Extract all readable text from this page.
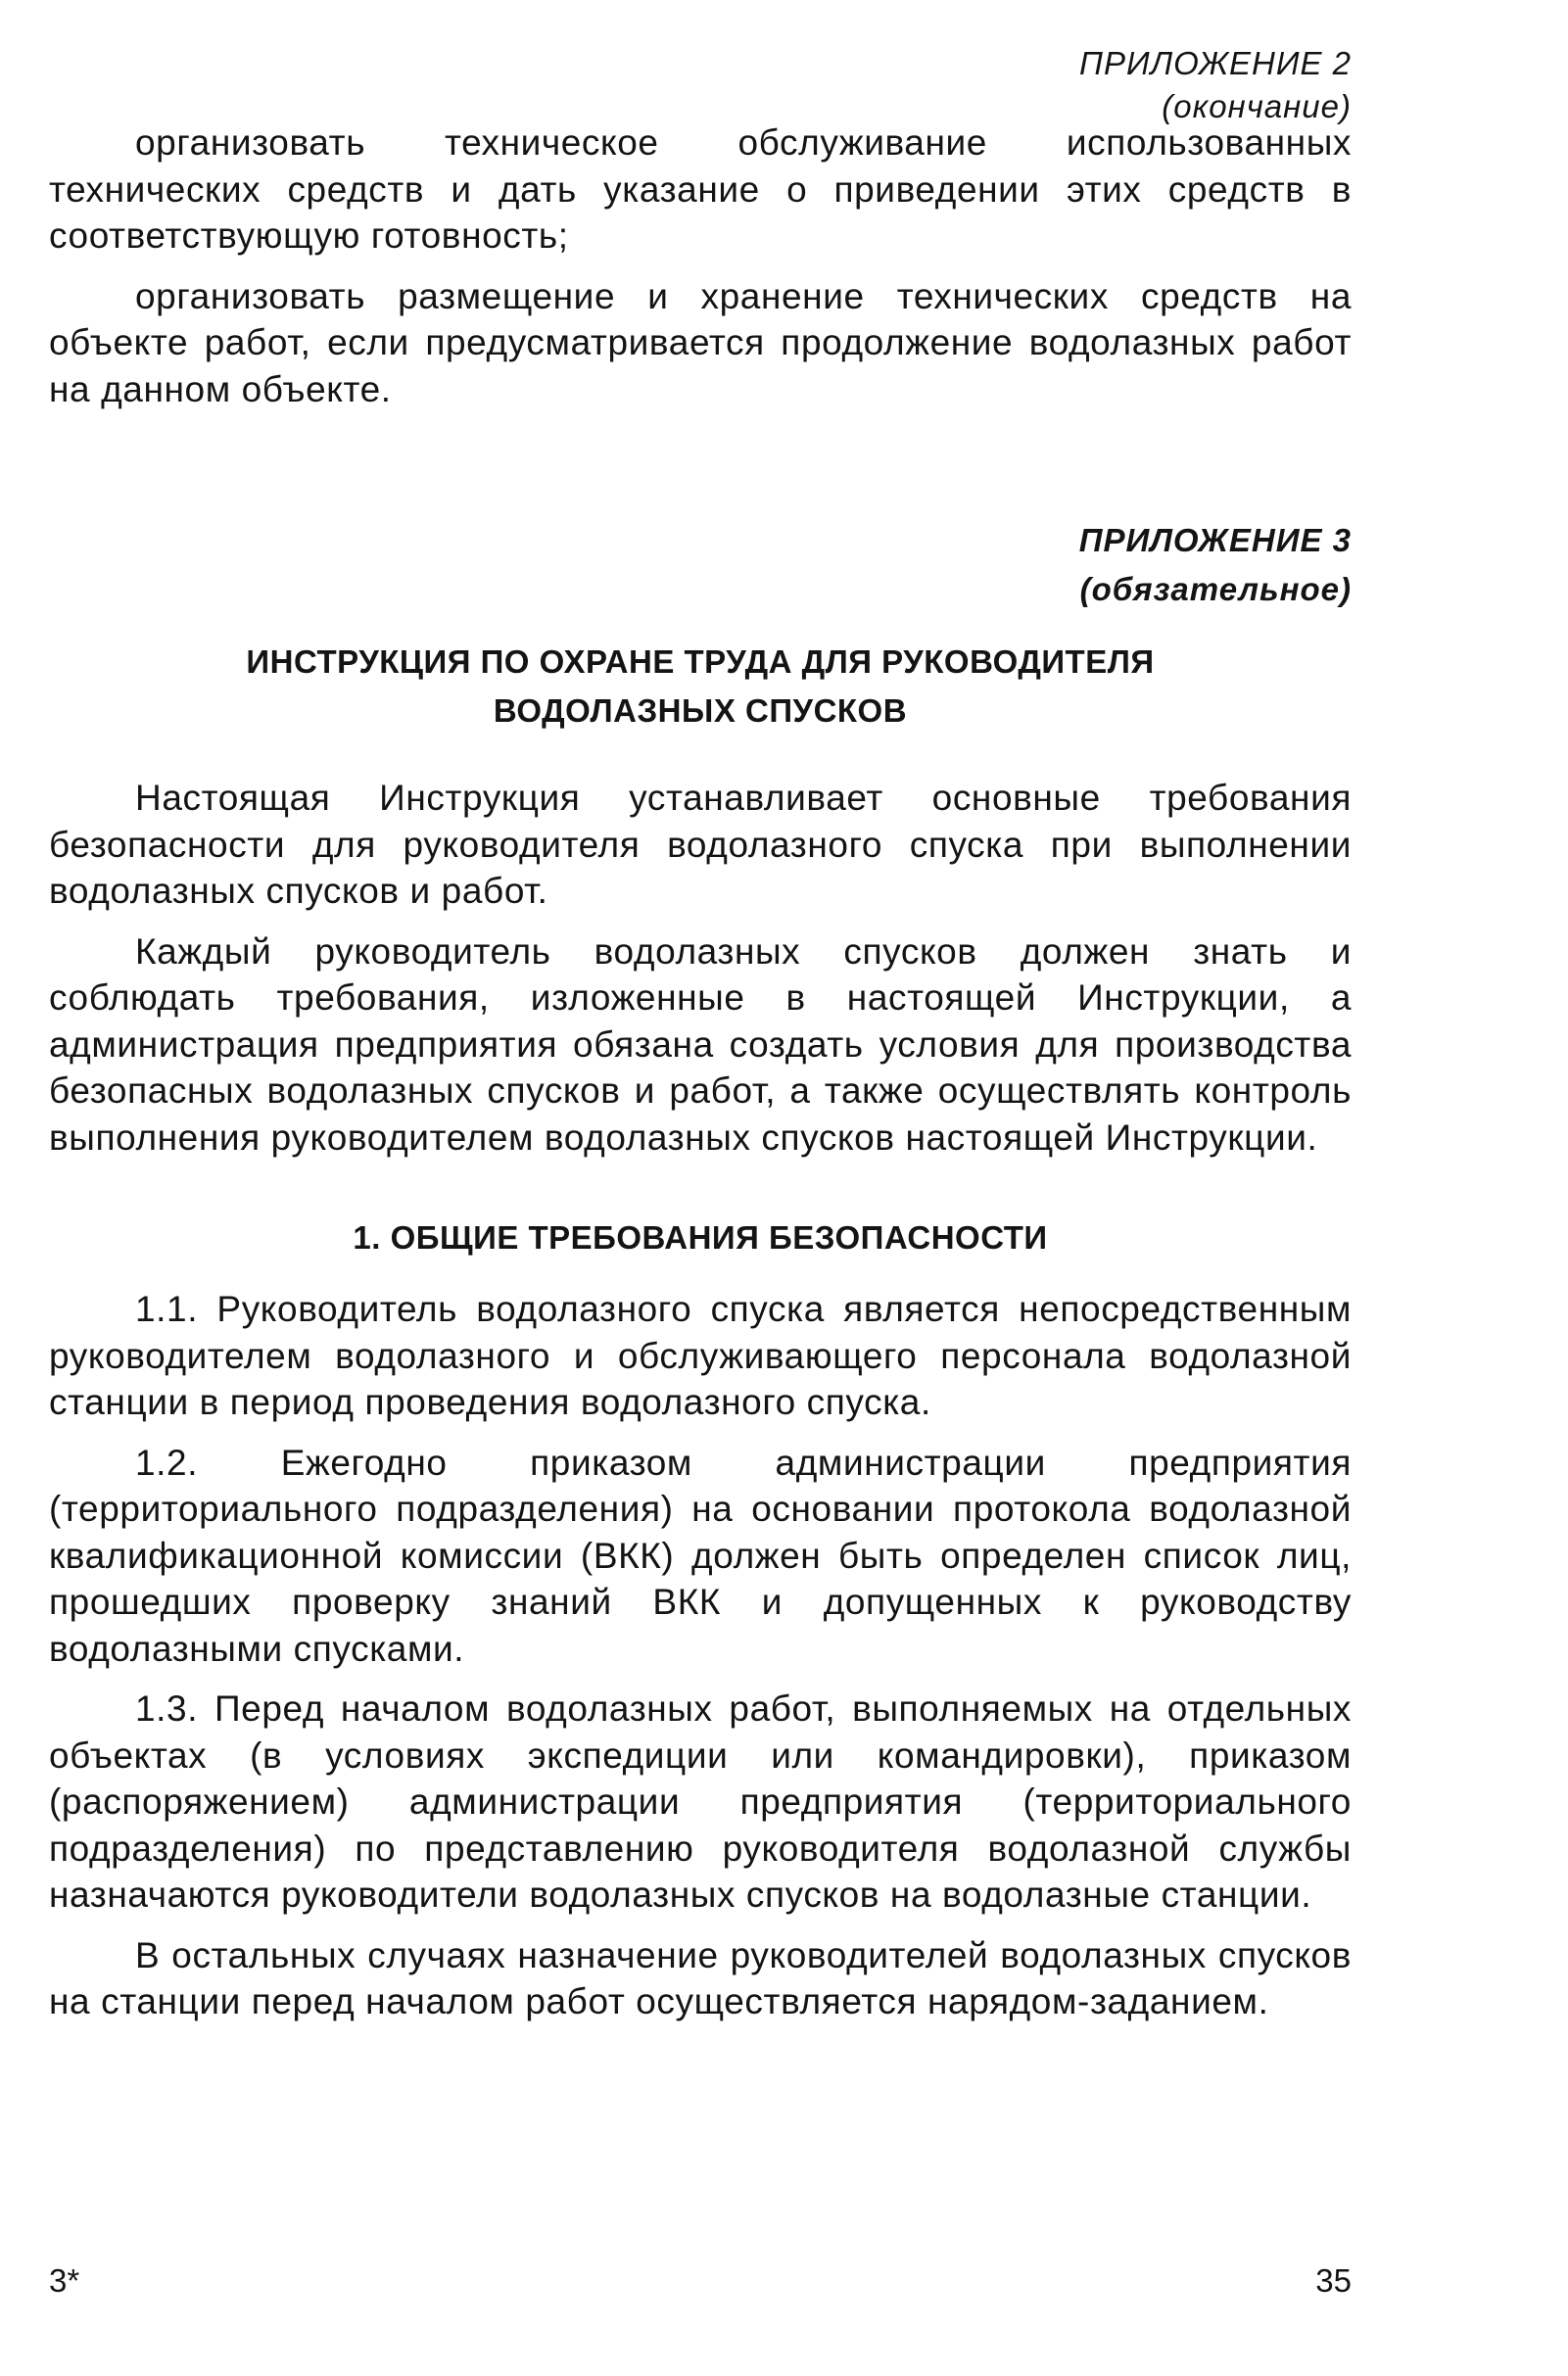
ПРИЛОЖЕНИЕ 2
(окончание)

организовать техническое обслуживание использованных технических средств и дать указание о приведении этих средств в соответствующую готовность;

организовать размещение и хранение технических средств на объекте работ, если предусматривается продолжение водолазных работ на данном объекте.

ПРИЛОЖЕНИЕ 3
(обязательное)
ИНСТРУКЦИЯ ПО ОХРАНЕ ТРУДА ДЛЯ РУКОВОДИТЕЛЯ
ВОДОЛАЗНЫХ СПУСКОВ

Настоящая Инструкция устанавливает основные требования безопасности для руководителя водолазного спуска при выполнении водолазных спусков и работ.

Каждый руководитель водолазных спусков должен знать и соблюдать требования, изложенные в настоящей Инструкции, а администрация предприятия обязана создать условия для производства безопасных водолазных спусков и работ, а также осуществлять контроль выполнения руководителем водолазных спусков настоящей Инструкции.

1. ОБЩИЕ ТРЕБОВАНИЯ БЕЗОПАСНОСТИ

1.1. Руководитель водолазного спуска является непосредственным руководителем водолазного и обслуживающего персонала водолазной станции в период проведения водолазного спуска.

1.2. Ежегодно приказом администрации предприятия (территориального подразделения) на основании протокола водолазной квалификационной комиссии (ВКК) должен быть определен список лиц, прошедших проверку знаний ВКК и допущенных к руководству водолазными спусками.

1.3. Перед началом водолазных работ, выполняемых на отдельных объектах (в условиях экспедиции или командировки), приказом (распоряжением) администрации предприятия (территориального подразделения) по представлению руководителя водолазной службы назначаются руководители водолазных спусков на водолазные станции.

В остальных случаях назначение руководителей водолазных спусков на станции перед началом работ осуществляется нарядом-заданием.

3*	35
